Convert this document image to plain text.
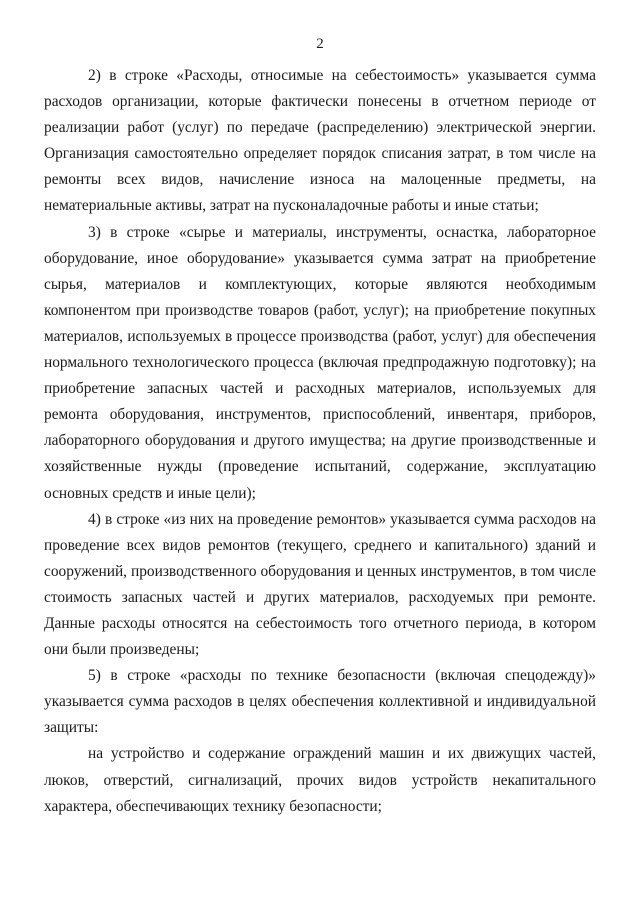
2

2) в строке «Расходы, относимые на себестоимость» указывается сумма расходов организации, которые фактически понесены в отчетном периоде от реализации работ (услуг) по передаче (распределению) электрической энергии. Организация самостоятельно определяет порядок списания затрат, в том числе на ремонты всех видов, начисление износа на малоценные предметы, на нематериальные активы, затрат на пусконаладочные работы и иные статьи;

3) в строке «сырье и материалы, инструменты, оснастка, лабораторное оборудование, иное оборудование» указывается сумма затрат на приобретение сырья, материалов и комплектующих, которые являются необходимым компонентом при производстве товаров (работ, услуг); на приобретение покупных материалов, используемых в процессе производства (работ, услуг) для обеспечения нормального технологического процесса (включая предпродажную подготовку); на приобретение запасных частей и расходных материалов, используемых для ремонта оборудования, инструментов, приспособлений, инвентаря, приборов, лабораторного оборудования и другого имущества; на другие производственные и хозяйственные нужды (проведение испытаний, содержание, эксплуатацию основных средств и иные цели);

4) в строке «из них на проведение ремонтов» указывается сумма расходов на проведение всех видов ремонтов (текущего, среднего и капитального) зданий и сооружений, производственного оборудования и ценных инструментов, в том числе стоимость запасных частей и других материалов, расходуемых при ремонте. Данные расходы относятся на себестоимость того отчетного периода, в котором они были произведены;

5) в строке «расходы по технике безопасности (включая спецодежду)» указывается сумма расходов в целях обеспечения коллективной и индивидуальной защиты:

на устройство и содержание ограждений машин и их движущих частей, люков, отверстий, сигнализаций, прочих видов устройств некапитального характера, обеспечивающих технику безопасности;
